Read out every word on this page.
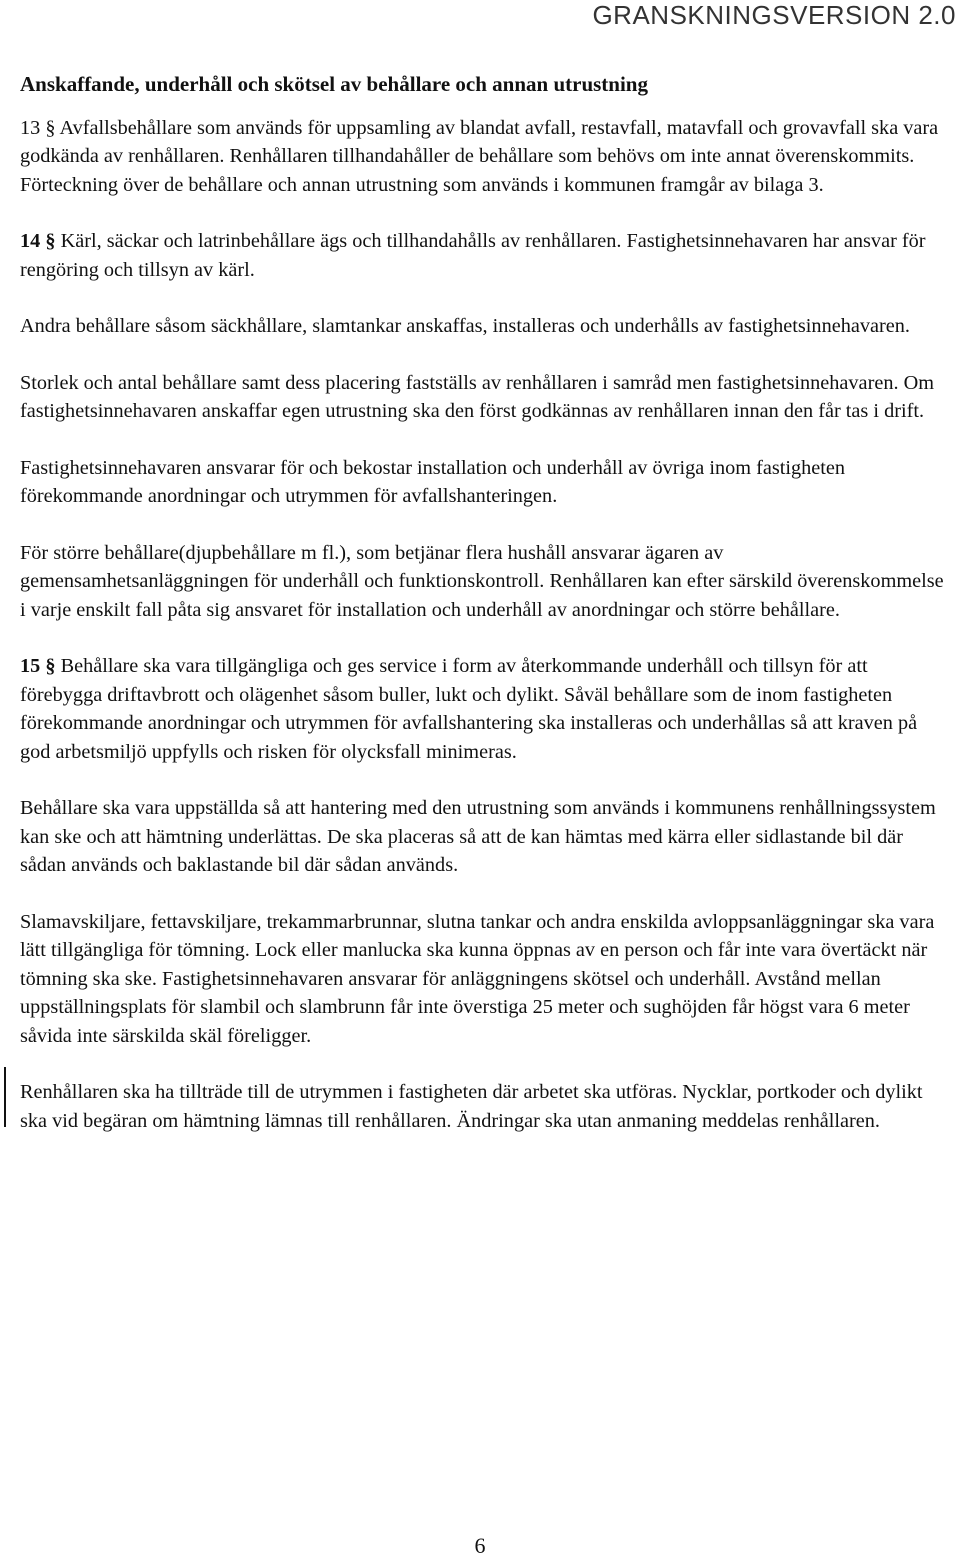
GRANSKNINGSVERSION 2.0
Anskaffande, underhåll och skötsel av behållare och annan utrustning

13 § Avfallsbehållare som används för uppsamling av blandat avfall, restavfall, matavfall och grovavfall ska vara godkända av renhållaren. Renhållaren tillhandahåller de behållare som behövs om inte annat överenskommits. Förteckning över de behållare och annan utrustning som används i kommunen framgår av bilaga 3.

14 § Kärl, säckar och latrinbehållare ägs och tillhandahålls av renhållaren. Fastighetsinnehavaren har ansvar för rengöring och tillsyn av kärl.

Andra behållare såsom säckhållare, slamtankar anskaffas, installeras och underhålls av fastighetsinnehavaren.

Storlek och antal behållare samt dess placering fastställs av renhållaren i samråd men fastighetsinnehavaren. Om fastighetsinnehavaren anskaffar egen utrustning ska den först godkännas av renhållaren innan den får tas i drift.

Fastighetsinnehavaren ansvarar för och bekostar installation och underhåll av övriga inom fastigheten förekommande anordningar och utrymmen för avfallshanteringen.

För större behållare(djupbehållare m fl.), som betjänar flera hushåll ansvarar ägaren av gemensamhetsanläggningen för underhåll och funktionskontroll. Renhållaren kan efter särskild överenskommelse i varje enskilt fall påta sig ansvaret för installation och underhåll av anordningar och större behållare.

15 § Behållare ska vara tillgängliga och ges service i form av återkommande underhåll och tillsyn för att förebygga driftavbrott och olägenhet såsom buller, lukt och dylikt. Såväl behållare som de inom fastigheten förekommande anordningar och utrymmen för avfallshantering ska installeras och underhållas så att kraven på god arbetsmiljö uppfylls och risken för olycksfall minimeras.

Behållare ska vara uppställda så att hantering med den utrustning som används i kommunens renhållningssystem kan ske och att hämtning underlättas. De ska placeras så att de kan hämtas med kärra eller sidlastande bil där sådan används och baklastande bil där sådan används.

Slamavskiljare, fettavskiljare, trekammarbrunnar, slutna tankar och andra enskilda avloppsanläggningar ska vara lätt tillgängliga för tömning. Lock eller manlucka ska kunna öppnas av en person och får inte vara övertäckt när tömning ska ske. Fastighetsinnehavaren ansvarar för anläggningens skötsel och underhåll. Avstånd mellan uppställningsplats för slambil och slambrunn får inte överstiga 25 meter och sughöjden får högst vara 6 meter såvida inte särskilda skäl föreligger.

Renhållaren ska ha tillträde till de utrymmen i fastigheten där arbetet ska utföras. Nycklar, portkoder och dylikt ska vid begäran om hämtning lämnas till renhållaren. Ändringar ska utan anmaning meddelas renhållaren.

6
